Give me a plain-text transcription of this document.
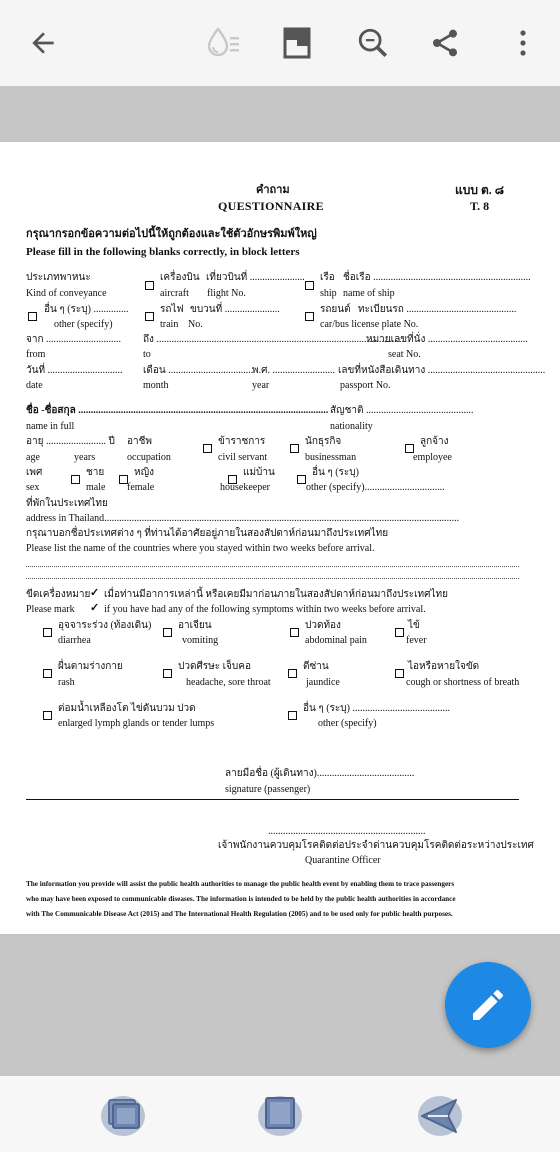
คำถาม
QUESTIONNAIRE
แบบ ต. ๘
T. 8
กรุณากรอกข้อความต่อไปนี้ให้ถูกต้องและใช้ตัวอักษรพิมพ์ใหญ่
Please fill in the following blanks correctly, in block letters
ประเภทพาหนะ
Kind of conveyance
เครื่องบิน เที่ยวบินที่ ......................
aircraft flight No.
เรือ ชื่อเรือ ...............................................................
ship name of ship
อื่น ๆ (ระบุ) ..............
other (specify)
รถไฟ ขบวนที่ ......................
train No.
รถยนต์ ทะเบียนรถ ............................................
car/bus license plate No.
จาก ..............................
from
ถึง ...................................................................................................
to
หมายเลขที่นั่ง ........................................
seat No.
วันที่ ..............................
date
เดือน ..................................
month
พ.ศ. .........................
year
เลขที่หนังสือเดินทาง ...............................................
passport No.
ชื่อ -ชื่อสกุล ....................................................................................................
name in full
สัญชาติ ...........................................
nationality
อายุ ........................ ปี
age	years
อาชีพ
occupation
ข้าราชการ
civil servant
นักธุรกิจ
businessman
ลูกจ้าง
employee
เพศ
sex
ชาย
male
หญิง
female
แม่บ้าน
housekeeper
อื่น ๆ (ระบุ)
other (specify)................................
ที่พักในประเทศไทย
address in Thailand..............................................................................................................................................
กรุณาบอกชื่อประเทศต่าง ๆ ที่ท่านได้อาศัยอยู่ภายในสองสัปดาห์ก่อนมาถึงประเทศไทย
Please list the name of the countries where you stayed within two weeks before arrival.
ขีดเครื่องหมาย ✓ เมื่อท่านมีอาการเหล่านี้ หรือเคยมีมาก่อนภายในสองสัปดาห์ก่อนมาถึงประเทศไทย
Please mark ✓ if you have had any of the following symptoms within two weeks before arrival.
อุจจาระร่วง (ท้องเดิน)
diarrhea
อาเจียน
vomiting
ปวดท้อง
abdominal pain
ไข้
fever
ผื่นตามร่างกาย
rash
ปวดศีรษะ เจ็บคอ
headache, sore throat
ตีซ่าน
jaundice
ไอหรือหายใจขัด
cough or shortness of breath
ต่อมน้ำเหลืองโต ไข่ดันบวม ปวด
enlarged lymph glands or tender lumps
อื่น ๆ (ระบุ) .......................................
other (specify)
ลายมือชื่อ (ผู้เดินทาง).......................................
signature (passenger)
...............................................................
เจ้าพนักงานควบคุมโรคติดต่อประจำด่านควบคุมโรคติดต่อระหว่างประเทศ
Quarantine Officer
The information you provide will assist the public health authorities to manage the public health event by enabling them to trace passengers
who may have been exposed to communicable diseases. The information is intended to be held by the public health authorities in accordance
with The Communicable Disease Act (2015) and The International Health Regulation (2005) and to be used only for public health purposes.
